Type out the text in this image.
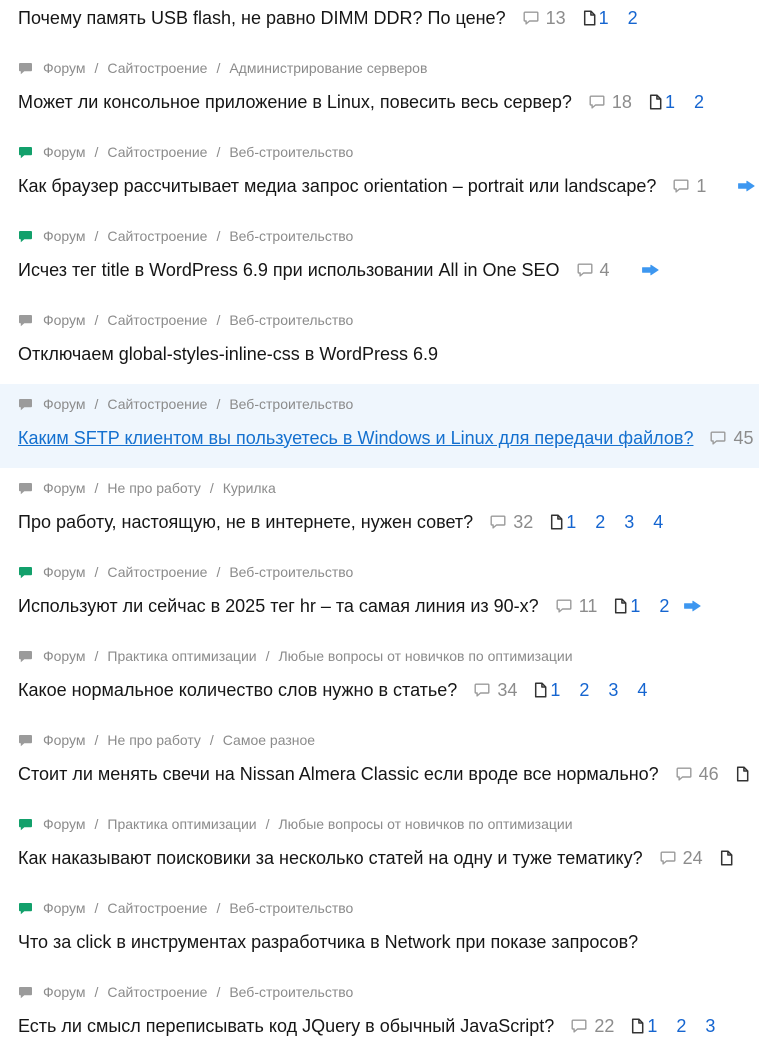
Почему память USB flash, не равно DIMM DDR? По цене? 13 1 2
Форум / Сайтостроение / Администрирование серверов
Может ли консольное приложение в Linux, повесить весь сервер? 18 1 2
Форум / Сайтостроение / Веб-строительство
Как браузер рассчитывает медиа запрос orientation – portrait или landscape? 1
Форум / Сайтостроение / Веб-строительство
Исчез тег title в WordPress 6.9 при использовании All in One SEO 4
Форум / Сайтостроение / Веб-строительство
Отключаем global-styles-inline-css в WordPress 6.9
Форум / Сайтостроение / Веб-строительство
Каким SFTP клиентом вы пользуетесь в Windows и Linux для передачи файлов? 45
Форум / Не про работу / Курилка
Про работу, настоящую, не в интернете, нужен совет? 32 1 2 3 4
Форум / Сайтостроение / Веб-строительство
Используют ли сейчас в 2025 тег hr – та самая линия из 90-х? 11 1 2
Форум / Практика оптимизации / Любые вопросы от новичков по оптимизации
Какое нормальное количество слов нужно в статье? 34 1 2 3 4
Форум / Не про работу / Самое разное
Стоит ли менять свечи на Nissan Almera Classic если вроде все нормально? 46
Форум / Практика оптимизации / Любые вопросы от новичков по оптимизации
Как наказывают поисковики за несколько статей на одну и туже тематику? 24
Форум / Сайтостроение / Веб-строительство
Что за click в инструментах разработчика в Network при показе запросов?
Форум / Сайтостроение / Веб-строительство
Есть ли смысл переписывать код JQuery в обычный JavaScript? 22 1 2 3
